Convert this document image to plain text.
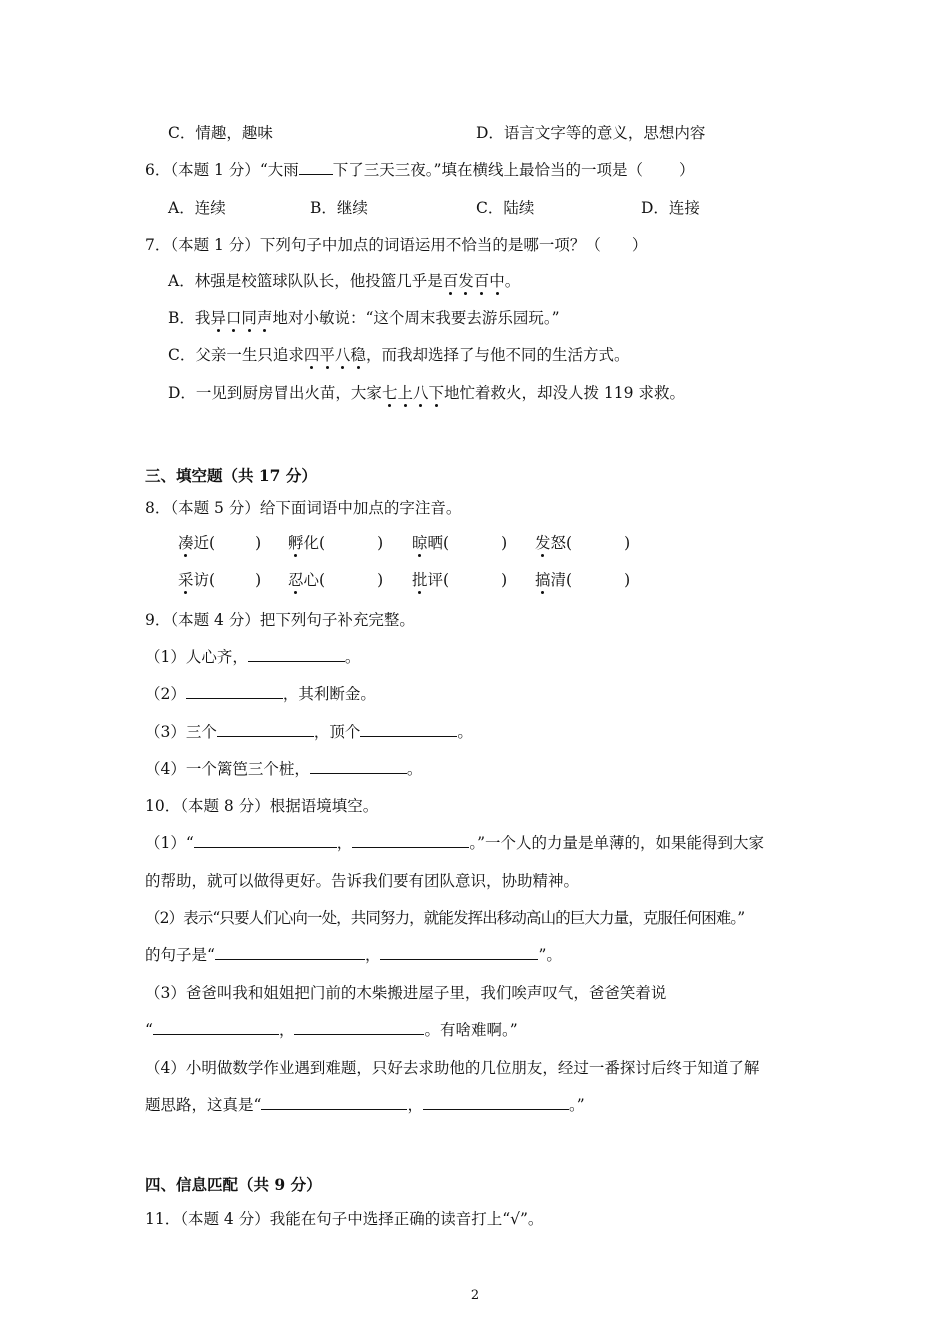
C．情趣，趣味	D．语言文字等的意义，思想内容
6．（本题 1 分）“大雨 下了三天三夜。”填在横线上最恰当的一项是（ ）
A．连续	B．继续	C．陆续	D．连接
7．（本题 1 分）下列句子中加点的词语运用不恰当的是哪一项？（　　）
A．林强是校篮球队队长，他投篮几乎是百发百中。
B．我异口同声地对小敏说：“这个周末我要去游乐园玩。”
C．父亲一生只追求四平八稳，而我却选择了与他不同的生活方式。
D．一见到厨房冒出火苗，大家七上八下地忙着救火，却没人拨 119 求救。
三、填空题（共 17 分）
8．（本题 5 分）给下面词语中加点的字注音。
凑近(	) 孵化(	) 晾晒(	) 发怒(	)
采访(	) 忍心(	) 批评(	) 搞清(	)
9．（本题 4 分）把下列句子补充完整。
（1）人心齐，	。
（2）	，其利断金。
（3）三个	，顶个	。
（4）一个篱笆三个桩，	。
10．（本题 8 分）根据语境填空。
（1）“	，	。”一个人的力量是单薄的，如果能得到大家
的帮助，就可以做得更好。告诉我们要有团队意识，协助精神。
（2）表示“只要人们心向一处，共同努力，就能发挥出移动高山的巨大力量，克服任何困难。”
的句子是“	，	”。
（3）爸爸叫我和姐姐把门前的木柴搬进屋子里，我们唉声叹气，爸爸笑着说
“	，	。有啥难啊。”
（4）小明做数学作业遇到难题，只好去求助他的几位朋友，经过一番探讨后终于知道了解
题思路，这真是“	，	。”
四、信息匹配（共 9 分）
11．（本题 4 分）我能在句子中选择正确的读音打上“√”。
2
